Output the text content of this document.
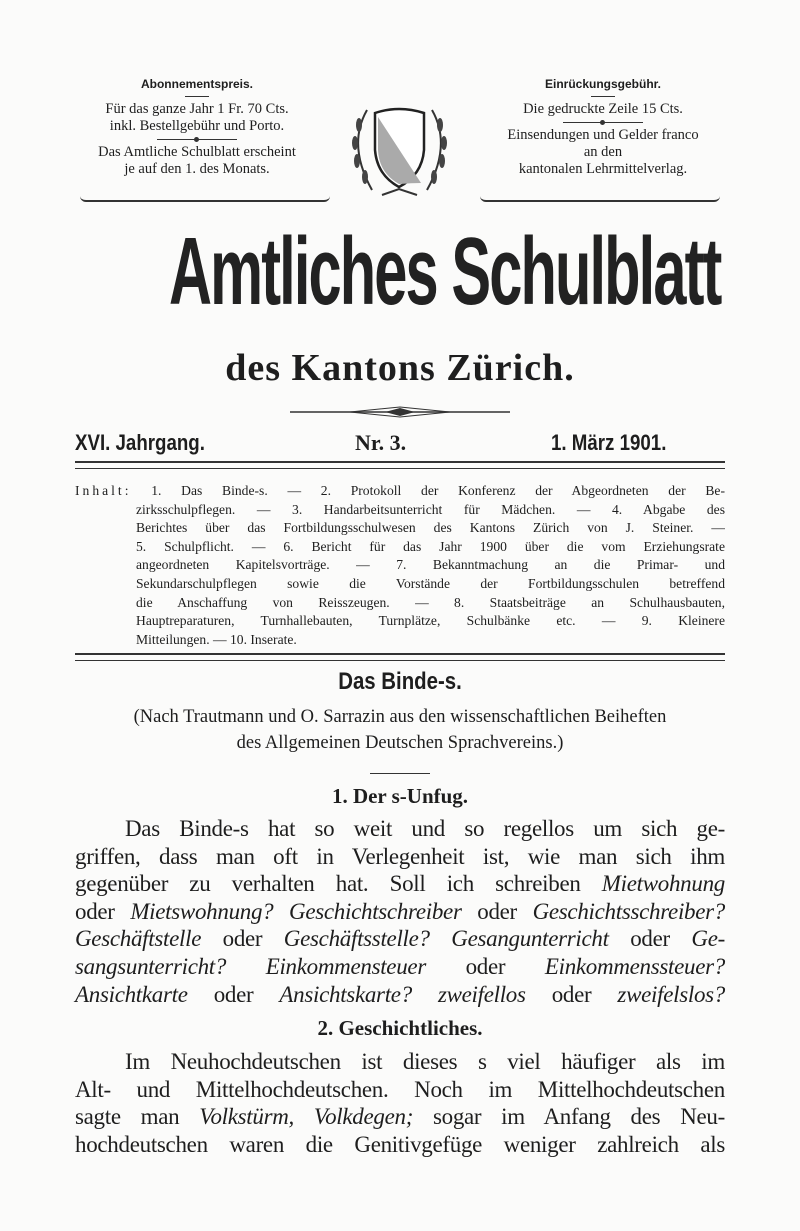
Abonnementspreis.
Für das ganze Jahr 1 Fr. 70 Cts.
inkl. Bestellgebühr und Porto.
Das Amtliche Schulblatt erscheint
je auf den 1. des Monats.
Einrückungsgebühr.
Die gedruckte Zeile 15 Cts.
Einsendungen und Gelder franco
an den
kantonalen Lehrmittelverlag.
Amtliches Schulblatt
des Kantons Zürich.
XVI. Jahrgang.	Nr. 3.	1. März 1901.
Inhalt: 1. Das Binde-s. — 2. Protokoll der Konferenz der Abgeordneten der Be-
zirksschulpflegen. — 3. Handarbeitsunterricht für Mädchen. — 4. Abgabe des
Berichtes über das Fortbildungsschulwesen des Kantons Zürich von J. Steiner. —
5. Schulpflicht. — 6. Bericht für das Jahr 1900 über die vom Erziehungsrate
angeordneten Kapitelsvorträge. — 7. Bekanntmachung an die Primar- und
Sekundarschulpflegen sowie die Vorstände der Fortbildungsschulen betreffend
die Anschaffung von Reisszeugen. — 8. Staatsbeiträge an Schulhausbauten,
Hauptreparaturen, Turnhallebauten, Turnplätze, Schulbänke etc. — 9. Kleinere
Mitteilungen. — 10. Inserate.
Das Binde-s.
(Nach Trautmann und O. Sarrazin aus den wissenschaftlichen Beiheften
des Allgemeinen Deutschen Sprachvereins.)
1. Der s-Unfug.
Das Binde-s hat so weit und so regellos um sich ge-
griffen, dass man oft in Verlegenheit ist, wie man sich ihm
gegenüber zu verhalten hat. Soll ich schreiben Mietwohnung
oder Mietswohnung? Geschichtschreiber oder Geschichtsschreiber?
Geschäftstelle oder Geschäftsstelle? Gesangunterricht oder Ge-
sangsunterricht? Einkommensteuer oder Einkommenssteuer?
Ansichtkarte oder Ansichtskarte? zweifellos oder zweifelslos?
2. Geschichtliches.
Im Neuhochdeutschen ist dieses s viel häufiger als im
Alt- und Mittelhochdeutschen. Noch im Mittelhochdeutschen
sagte man Volkstürm, Volkdegen; sogar im Anfang des Neu-
hochdeutschen waren die Genitivgefüge weniger zahlreich als
